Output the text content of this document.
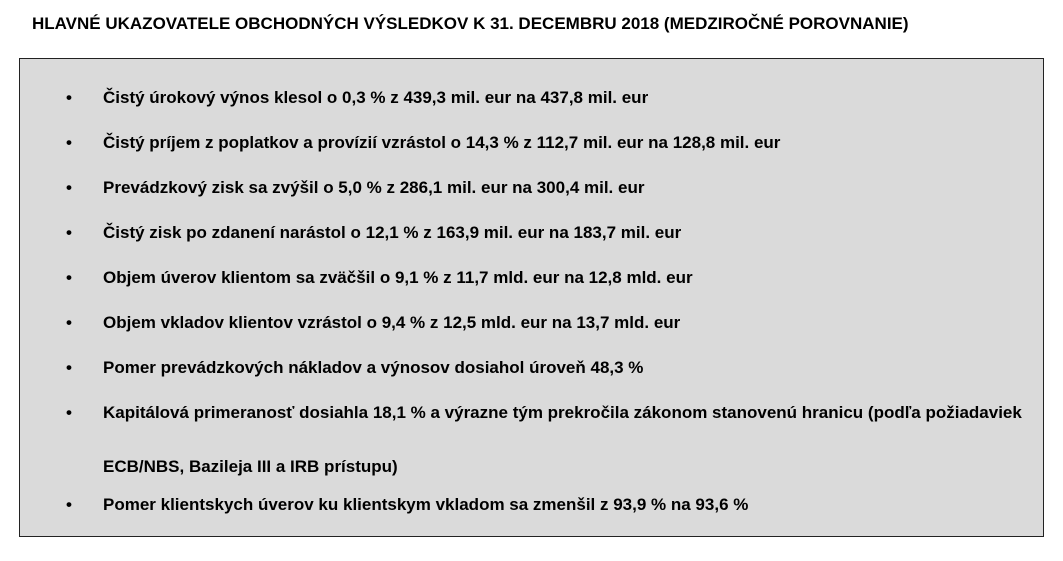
HLAVNÉ UKAZOVATELE OBCHODNÝCH VÝSLEDKOV K 31. DECEMBRU 2018 (MEDZIROČNÉ POROVNANIE)
• Čistý úrokový výnos klesol o 0,3 % z 439,3 mil. eur na 437,8 mil. eur
• Čistý príjem z poplatkov a provízií vzrástol o 14,3 % z 112,7 mil. eur na 128,8 mil. eur
• Prevádzkový zisk sa zvýšil o 5,0 % z 286,1 mil. eur na 300,4 mil. eur
• Čistý zisk po zdanení narástol o 12,1 % z 163,9 mil. eur na 183,7 mil. eur
• Objem úverov klientom sa zväčšil o 9,1 % z 11,7 mld. eur na 12,8 mld. eur
• Objem vkladov klientov vzrástol o 9,4 % z 12,5 mld. eur na 13,7 mld. eur
• Pomer prevádzkových nákladov a výnosov dosiahol úroveň 48,3 %
• Kapitálová primeranosť dosiahla 18,1 % a výrazne tým prekročila zákonom stanovenú hranicu (podľa požiadaviek ECB/NBS, Bazileja III a IRB prístupu)
• Pomer klientskych úverov ku klientskym vkladom sa zmenšil z 93,9 % na 93,6 %
